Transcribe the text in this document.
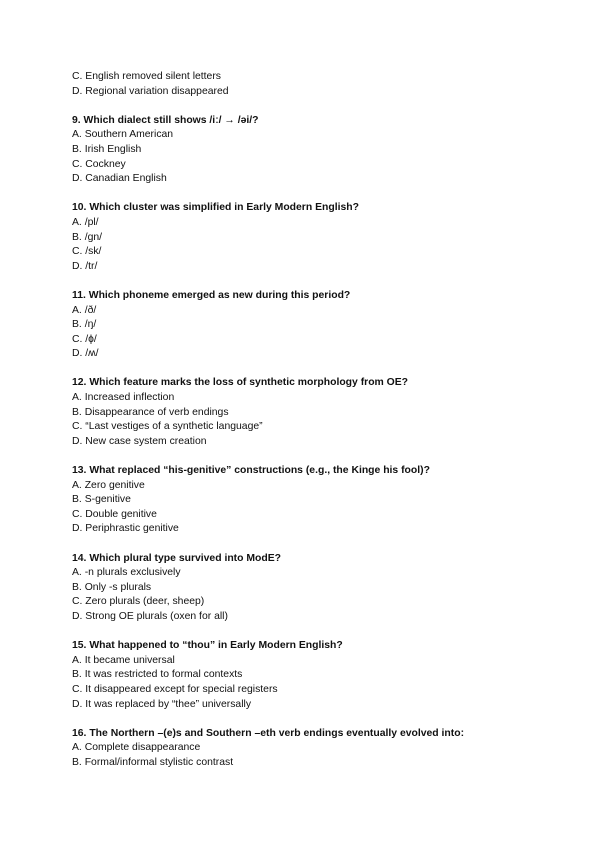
C. English removed silent letters
D. Regional variation disappeared
9. Which dialect still shows /iː/ → /əi/?
A. Southern American
B. Irish English
C. Cockney
D. Canadian English
10. Which cluster was simplified in Early Modern English?
A. /pl/
B. /gn/
C. /sk/
D. /tr/
11. Which phoneme emerged as new during this period?
A. /ð/
B. /ŋ/
C. /ɸ/
D. /ʍ/
12. Which feature marks the loss of synthetic morphology from OE?
A. Increased inflection
B. Disappearance of verb endings
C. “Last vestiges of a synthetic language”
D. New case system creation
13. What replaced “his-genitive” constructions (e.g., the Kinge his fool)?
A. Zero genitive
B. S-genitive
C. Double genitive
D. Periphrastic genitive
14. Which plural type survived into ModE?
A. -n plurals exclusively
B. Only -s plurals
C. Zero plurals (deer, sheep)
D. Strong OE plurals (oxen for all)
15. What happened to “thou” in Early Modern English?
A. It became universal
B. It was restricted to formal contexts
C. It disappeared except for special registers
D. It was replaced by “thee” universally
16. The Northern –(e)s and Southern –eth verb endings eventually evolved into:
A. Complete disappearance
B. Formal/informal stylistic contrast
